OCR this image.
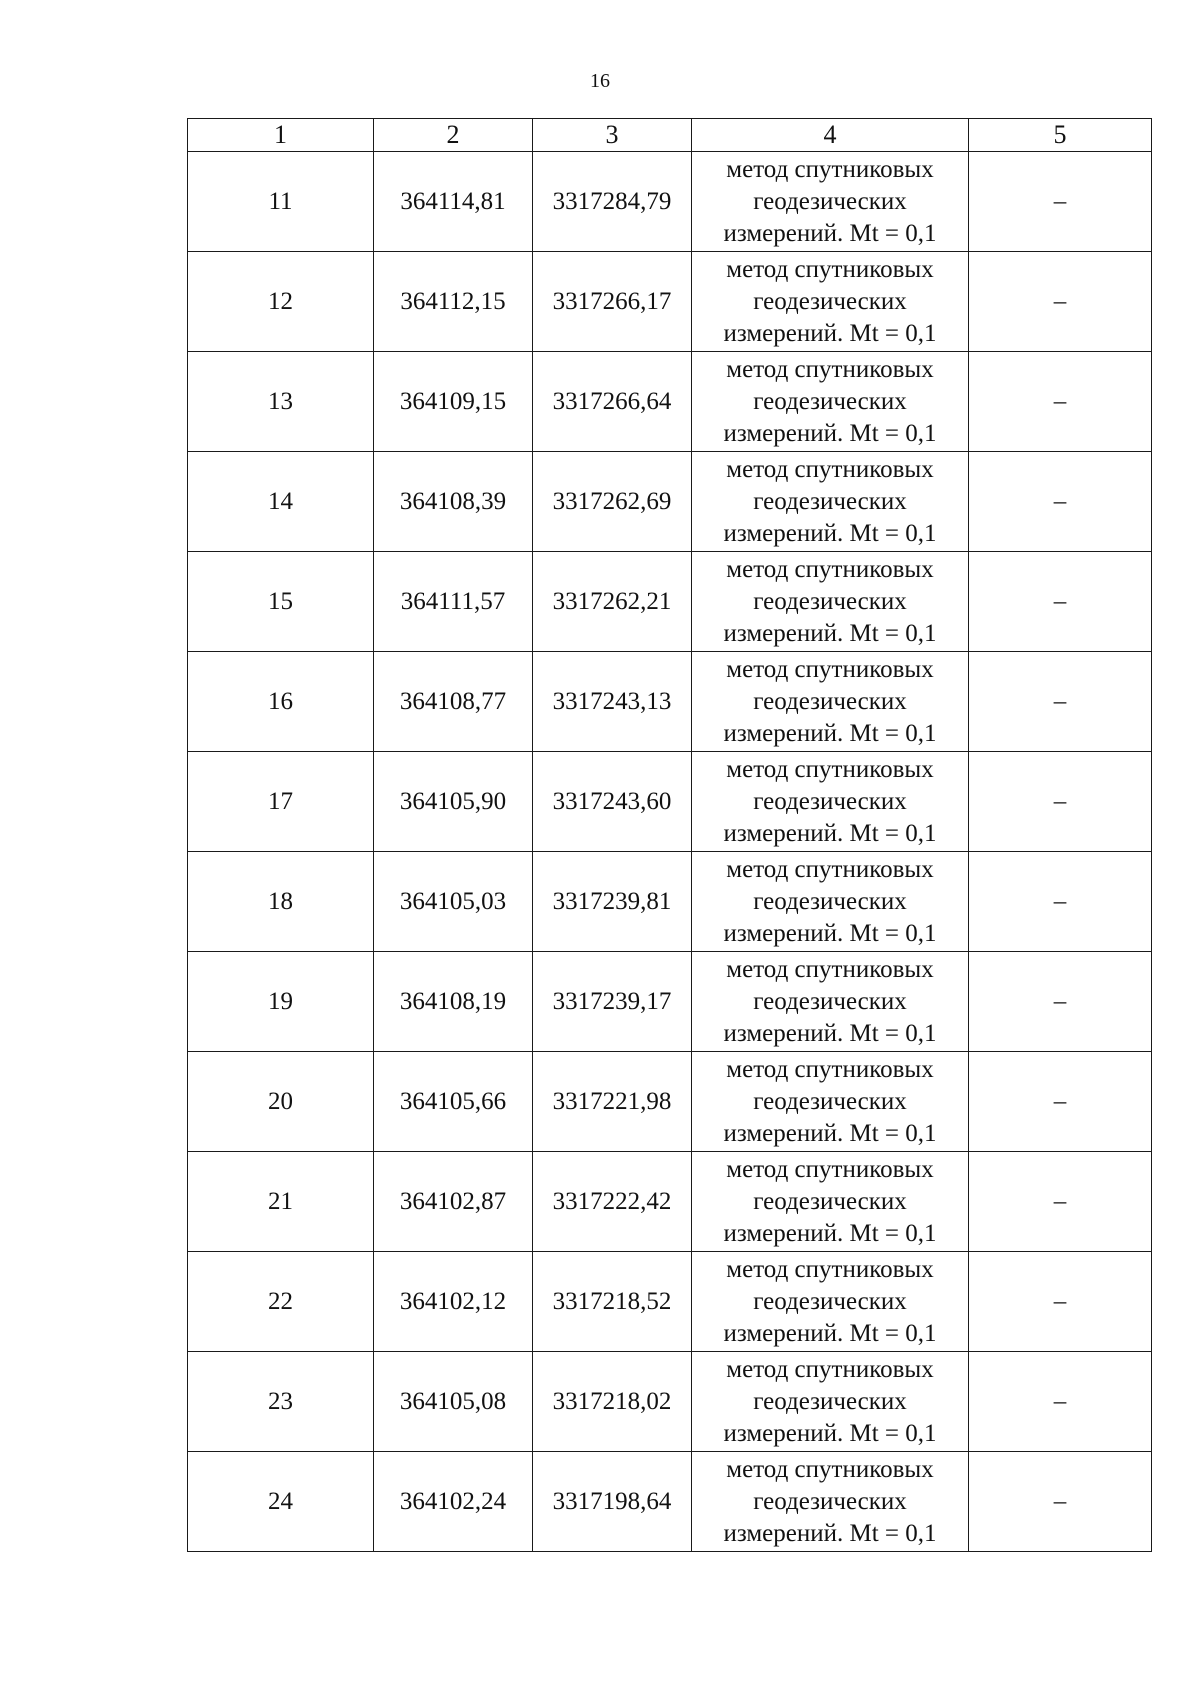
16
1	2	3	4	5
11	364114,81	3317284,79	метод спутниковых
геодезических
измерений. Mt = 0,1	–
12	364112,15	3317266,17	метод спутниковых
геодезических
измерений. Mt = 0,1	–
13	364109,15	3317266,64	метод спутниковых
геодезических
измерений. Mt = 0,1	–
14	364108,39	3317262,69	метод спутниковых
геодезических
измерений. Mt = 0,1	–
15	364111,57	3317262,21	метод спутниковых
геодезических
измерений. Mt = 0,1	–
16	364108,77	3317243,13	метод спутниковых
геодезических
измерений. Mt = 0,1	–
17	364105,90	3317243,60	метод спутниковых
геодезических
измерений. Mt = 0,1	–
18	364105,03	3317239,81	метод спутниковых
геодезических
измерений. Mt = 0,1	–
19	364108,19	3317239,17	метод спутниковых
геодезических
измерений. Mt = 0,1	–
20	364105,66	3317221,98	метод спутниковых
геодезических
измерений. Mt = 0,1	–
21	364102,87	3317222,42	метод спутниковых
геодезических
измерений. Mt = 0,1	–
22	364102,12	3317218,52	метод спутниковых
геодезических
измерений. Mt = 0,1	–
23	364105,08	3317218,02	метод спутниковых
геодезических
измерений. Mt = 0,1	–
24	364102,24	3317198,64	метод спутниковых
геодезических
измерений. Mt = 0,1	–
